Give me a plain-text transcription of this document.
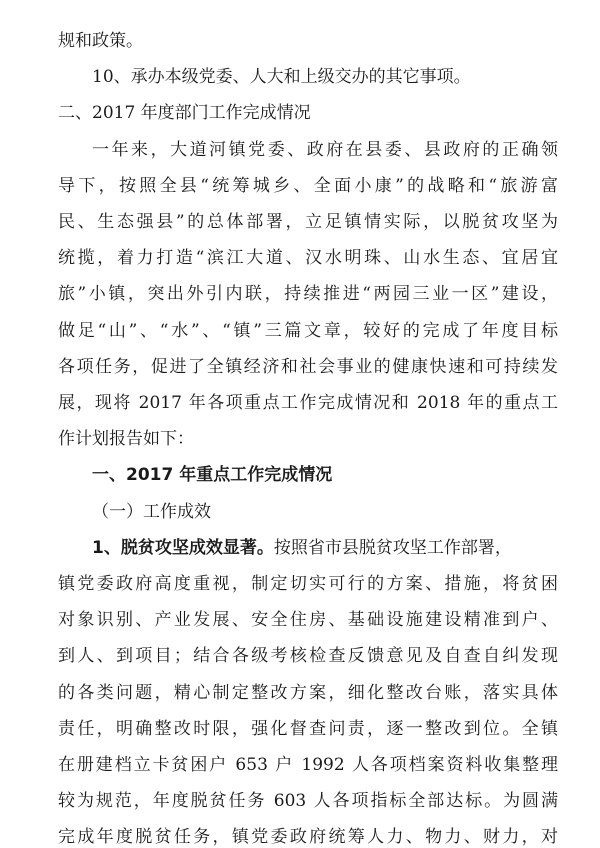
规和政策。
10、承办本级党委、人大和上级交办的其它事项。
二、2017 年度部门工作完成情况
一年来，大道河镇党委、政府在县委、县政府的正确领
导下，按照全县“统筹城乡、全面小康”的战略和“旅游富
民、生态强县”的总体部署，立足镇情实际，以脱贫攻坚为
统揽，着力打造“滨江大道、汉水明珠、山水生态、宜居宜
旅”小镇，突出外引内联，持续推进“两园三业一区”建设，
做足“山”、“水”、“镇”三篇文章，较好的完成了年度目标
各项任务，促进了全镇经济和社会事业的健康快速和可持续发
展，现将 2017 年各项重点工作完成情况和 2018 年的重点工
作计划报告如下：
一、2017 年重点工作完成情况
（一）工作成效
1、脱贫攻坚成效显著。按照省市县脱贫攻坚工作部署，
镇党委政府高度重视，制定切实可行的方案、措施，将贫困
对象识别、产业发展、安全住房、基础设施建设精准到户、
到人、到项目；结合各级考核检查反馈意见及自查自纠发现
的各类问题，精心制定整改方案，细化整改台账，落实具体
责任，明确整改时限，强化督查问责，逐一整改到位。全镇
在册建档立卡贫困户 653 户 1992 人各项档案资料收集整理
较为规范，年度脱贫任务 603 人各项指标全部达标。为圆满
完成年度脱贫任务，镇党委政府统筹人力、物力、财力，对
